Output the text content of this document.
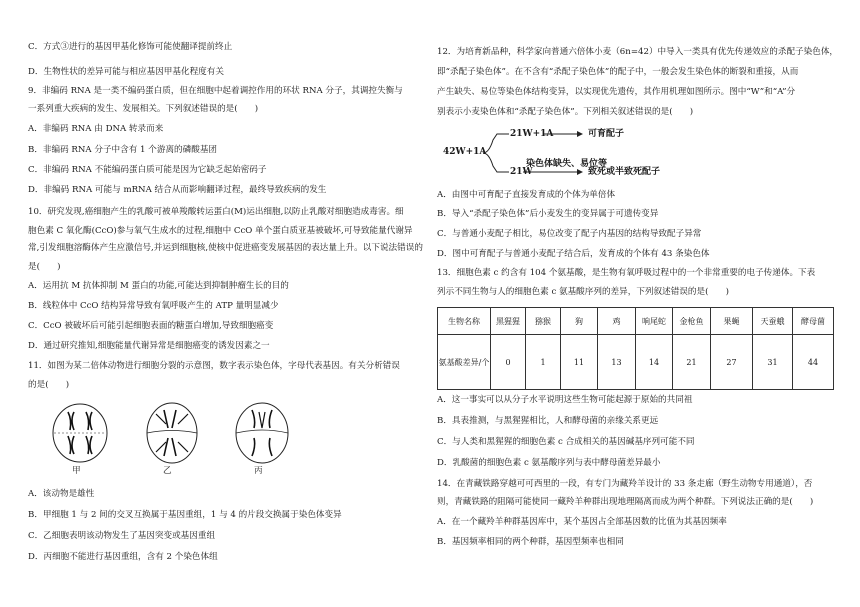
C．方式③进行的基因甲基化修饰可能使翻译提前终止
D．生物性状的差异可能与相应基因甲基化程度有关
9．非编码 RNA 是一类不编码蛋白质，但在细胞中起着调控作用的环状 RNA 分子，其调控失衡与
一系列重大疾病的发生、发展相关。下列叙述错误的是(　　)
A．非编码 RNA 由 DNA 转录而来
B．非编码 RNA 分子中含有 1 个游离的磷酸基团
C．非编码 RNA 不能编码蛋白质可能是因为它缺乏起始密码子
D．非编码 RNA 可能与 mRNA 结合从而影响翻译过程，最终导致疾病的发生
10．研究发现,癌细胞产生的乳酸可被单羧酸转运蛋白(M)运出细胞,以防止乳酸对细胞造成毒害。细
胞色素 C 氧化酶(CcO)参与氧气生成水的过程,细胞中 CcO 单个蛋白质亚基被破坏,可导致能量代谢异
常,引发细胞溶酶体产生应激信号,并运到细胞核,使核中促进癌变发展基因的表达量上升。以下说法错误的
是(　　)
A．运用抗 M 抗体抑制 M 蛋白的功能,可能达到抑制肿瘤生长的目的
B．线粒体中 CcO 结构异常导致有氧呼吸产生的 ATP 量明显减少
C．CcO 被破坏后可能引起细胞表面的糖蛋白增加,导致细胞癌变
D．通过研究推知,细胞能量代谢异常是细胞癌变的诱发因素之一
11．如图为某二倍体动物进行细胞分裂的示意图，数字表示染色体，字母代表基因。有关分析错误
的是(　　)
甲	乙	丙
A．该动物是雄性
B．甲细胞 1 与 2 间的交叉互换属于基因重组，1 与 4 的片段交换属于染色体变异
C．乙细胞表明该动物发生了基因突变或基因重组
D．丙细胞不能进行基因重组，含有 2 个染色体组
12．为培育新品种，科学家向普通六倍体小麦（6n=42）中导入一类具有优先传递效应的杀配子染色体，
即“杀配子染色体”。在不含有“杀配子染色体”的配子中，一般会发生染色体的断裂和重接，从而
产生缺失、易位等染色体结构变异，以实现优先遗传，其作用机理如图所示。图中“W”和“A”分
别表示小麦染色体和“杀配子染色体”。下列相关叙述错误的是(　　)
42W+1A
21W+1A	可育配子
21W
染色体缺失、易位等
致死或半致死配子
A．由图中可育配子直接发育成的个体为单倍体
B．导入“杀配子染色体”后小麦发生的变异属于可遗传变异
C．与普通小麦配子相比，易位改变了配子内基因的结构导致配子异常
D．图中可育配子与普通小麦配子结合后，发育成的个体有 43 条染色体
13．细胞色素 c 约含有 104 个氨基酸，是生物有氧呼吸过程中的一个非常重要的电子传递体。下表
列示不同生物与人的细胞色素 c 氨基酸序列的差异，下列叙述错误的是(　　)
生物名称	黑猩猩	猕猴	狗	鸡	响尾蛇	金枪鱼	果蝇	天蚕蛾	酵母菌
氨基酸差异/个	0	1	11	13	14	21	27	31	44
A．这一事实可以从分子水平说明这些生物可能起源于原始的共同祖
B．具表推测，与黑猩猩相比，人和酵母菌的亲缘关系更远
C．与人类和黑猩猩的细胞色素 c 合成相关的基因碱基序列可能不同
D．乳酸菌的细胞色素 c 氨基酸序列与表中酵母菌差异最小
14．在青藏铁路穿越可可西里的一段，有专门为藏羚羊设计的 33 条走廊（野生动物专用通道），否
则，青藏铁路的阻隔可能使同一藏羚羊种群出现地理隔离而成为两个种群。下列说法正确的是(　　)
A．在一个藏羚羊种群基因库中，某个基因占全部基因数的比值为其基因频率
B．基因频率相同的两个种群，基因型频率也相同
